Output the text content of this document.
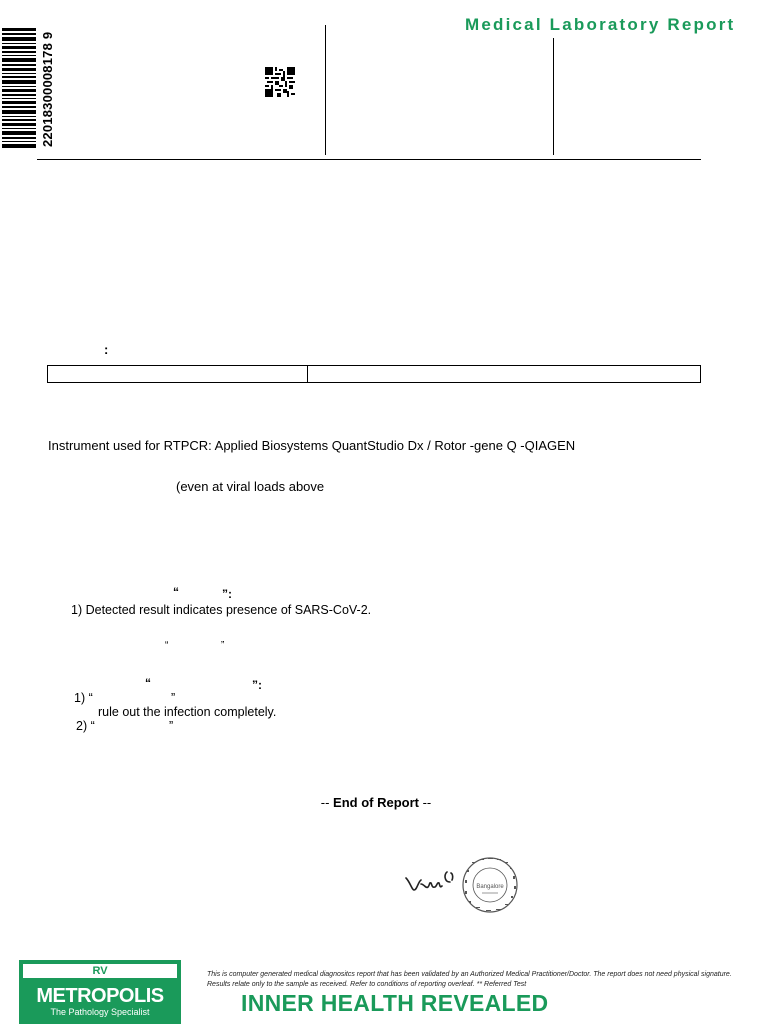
22018300008178 9
Medical Laboratory Report
:
Instrument used for RTPCR: Applied Biosystems QuantStudio Dx / Rotor -gene Q -QIAGEN
(even at viral loads above
“	”:
1) Detected result indicates presence of SARS-CoV-2.
“	”
“	”:
1) “	”
rule out the infection completely.
2) “	”
-- End of Report --
Bangalore
RV
METROPOLIS
The Pathology Specialist
This is computer generated medical diagnositcs report that has been validated by an Authorized Medical Practitioner/Doctor. The report does not need physical signature.
Results relate only to the sample as received. Refer to conditions of reporting overleaf. ** Referred Test
INNER HEALTH REVEALED
